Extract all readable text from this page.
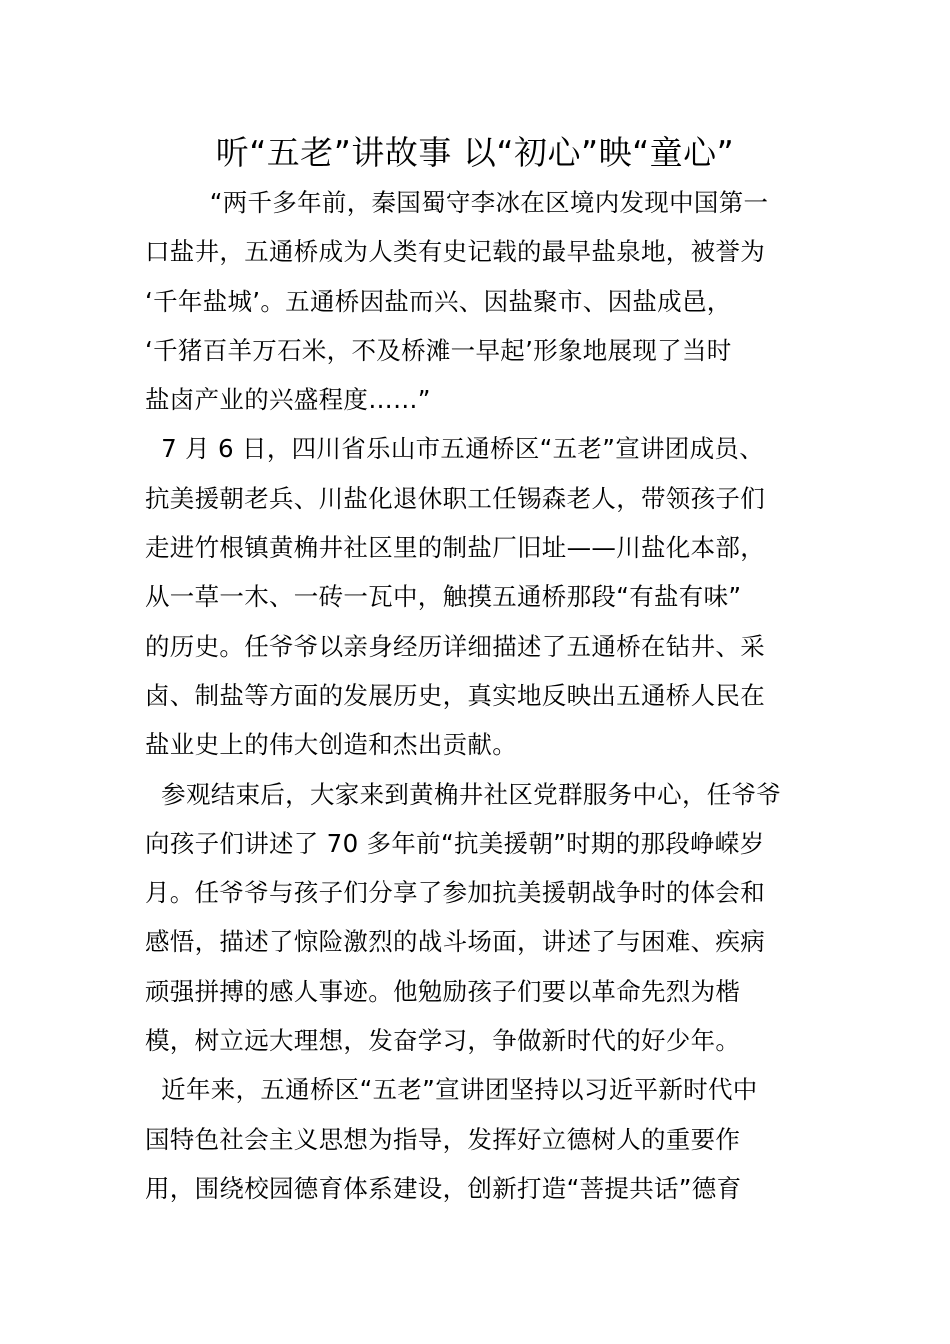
听“五老”讲故事 以“初心”映“童心”
“两千多年前，秦国蜀守李冰在区境内发现中国第一
口盐井，五通桥成为人类有史记载的最早盐泉地，被誉为
‘千年盐城’。五通桥因盐而兴、因盐聚市、因盐成邑，
‘千猪百羊万石米，不及桥滩一早起’形象地展现了当时
盐卤产业的兴盛程度……”
7 月 6 日，四川省乐山市五通桥区“五老”宣讲团成员、
抗美援朝老兵、川盐化退休职工任锡森老人，带领孩子们
走进竹根镇黄桷井社区里的制盐厂旧址——川盐化本部，
从一草一木、一砖一瓦中，触摸五通桥那段“有盐有味”
的历史。任爷爷以亲身经历详细描述了五通桥在钻井、采
卤、制盐等方面的发展历史，真实地反映出五通桥人民在
盐业史上的伟大创造和杰出贡献。
参观结束后，大家来到黄桷井社区党群服务中心，任爷爷
向孩子们讲述了 70 多年前“抗美援朝”时期的那段峥嵘岁
月。任爷爷与孩子们分享了参加抗美援朝战争时的体会和
感悟，描述了惊险激烈的战斗场面，讲述了与困难、疾病
顽强拼搏的感人事迹。他勉励孩子们要以革命先烈为楷
模，树立远大理想，发奋学习，争做新时代的好少年。
近年来，五通桥区“五老”宣讲团坚持以习近平新时代中
国特色社会主义思想为指导，发挥好立德树人的重要作
用，围绕校园德育体系建设，创新打造“菩提共话”德育
